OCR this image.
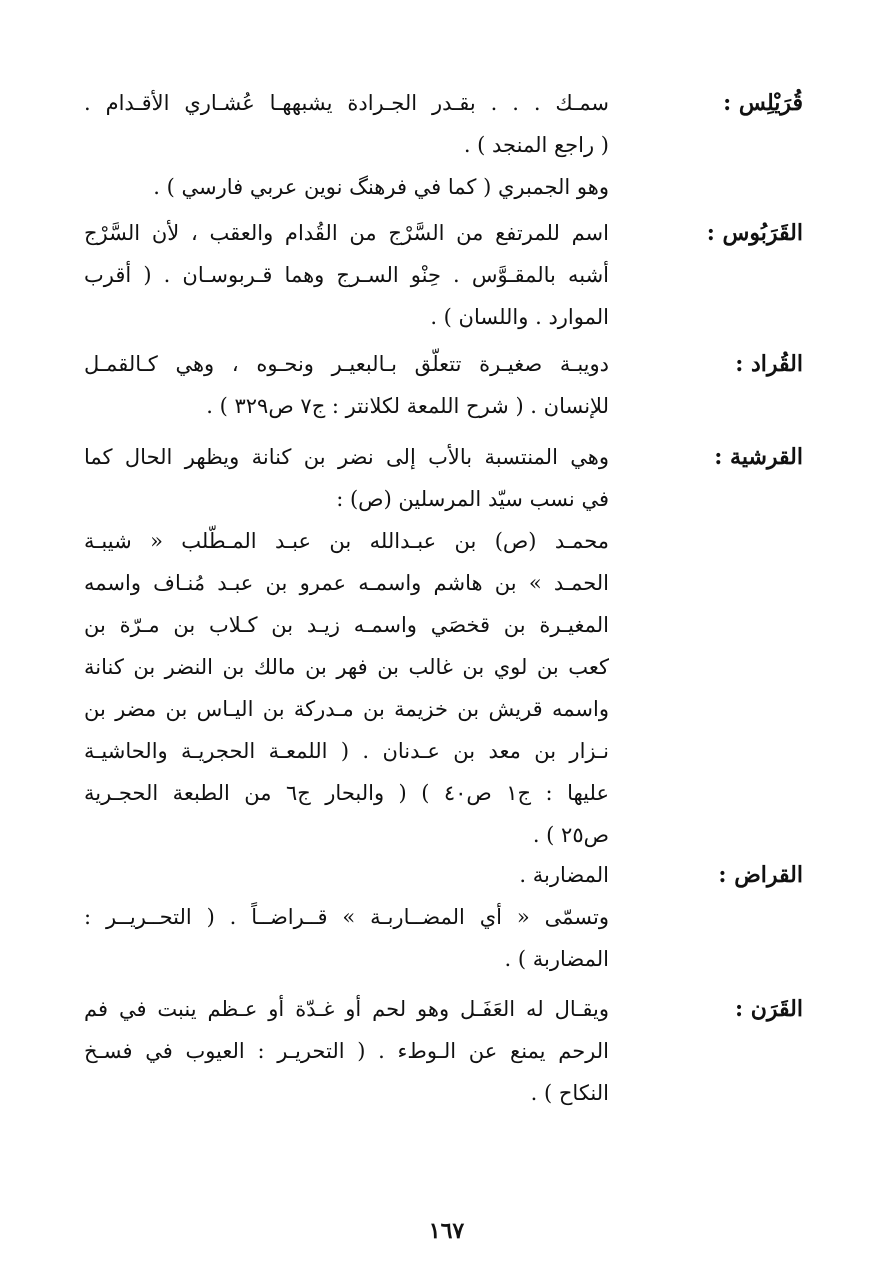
قُرَيْلِس :
سمـك . . . بقـدر الجـرادة يشبههـا عُشـاري الأقـدام .
( راجع المنجد ) .
وهو الجمبري ( كما في فرهنگ نوين عربي فارسي ) .
القَرَبُوس :
اسم للمرتفع من السَّرْج من القُدام والعقب ، لأن السَّرْج
أشبه بالمقـوَّس . حِنْو السـرج وهما قـربوسـان . ( أقرب
الموارد . واللسان ) .
القُراد :
دويبـة صغيـرة تتعلّق بـالبعيـر ونحـوه ، وهي كـالقمـل
للإنسان . ( شرح اللمعة لكلانتر : ج٧ ص٣٢٩ ) .
القرشية :
وهي المنتسبة بالأب إلى نضر بن كنانة ويظهر الحال كما
في نسب سيّد المرسلين (ص) :
محمـد (ص) بن عبـدالله بن عبـد المـطّلب « شيبـة
الحمـد » بن هاشم واسمـه عمرو بن عبـد مُنـاف واسمه
المغيـرة بن قخصَي واسمـه زيـد بن كـلاب بن مـرّة بن
كعب بن لوي بن غالب بن فهر بن مالك بن النضر بن كنانة
واسمه قريش بن خزيمة بن مـدركة بن اليـاس بن مضر بن
نـزار بن معد بن عـدنان . ( اللمعـة الحجريـة والحاشيـة
عليها : ج١ ص٤٠ ) ( والبحار ج٦ من الطبعة الحجـرية
ص٢٥ ) .
القراض :
المضاربة .
وتسمّى « أي المضــاربـة » قــراضــاً . ( التحــريــر :
المضاربة ) .
القَرَن :
ويقـال له العَفَـل وهو لحم أو غـدّة أو عـظم ينبت في فم
الرحم يمنع عن الـوطء . ( التحريـر : العيوب في فسـخ
النكاح ) .
١٦٧
